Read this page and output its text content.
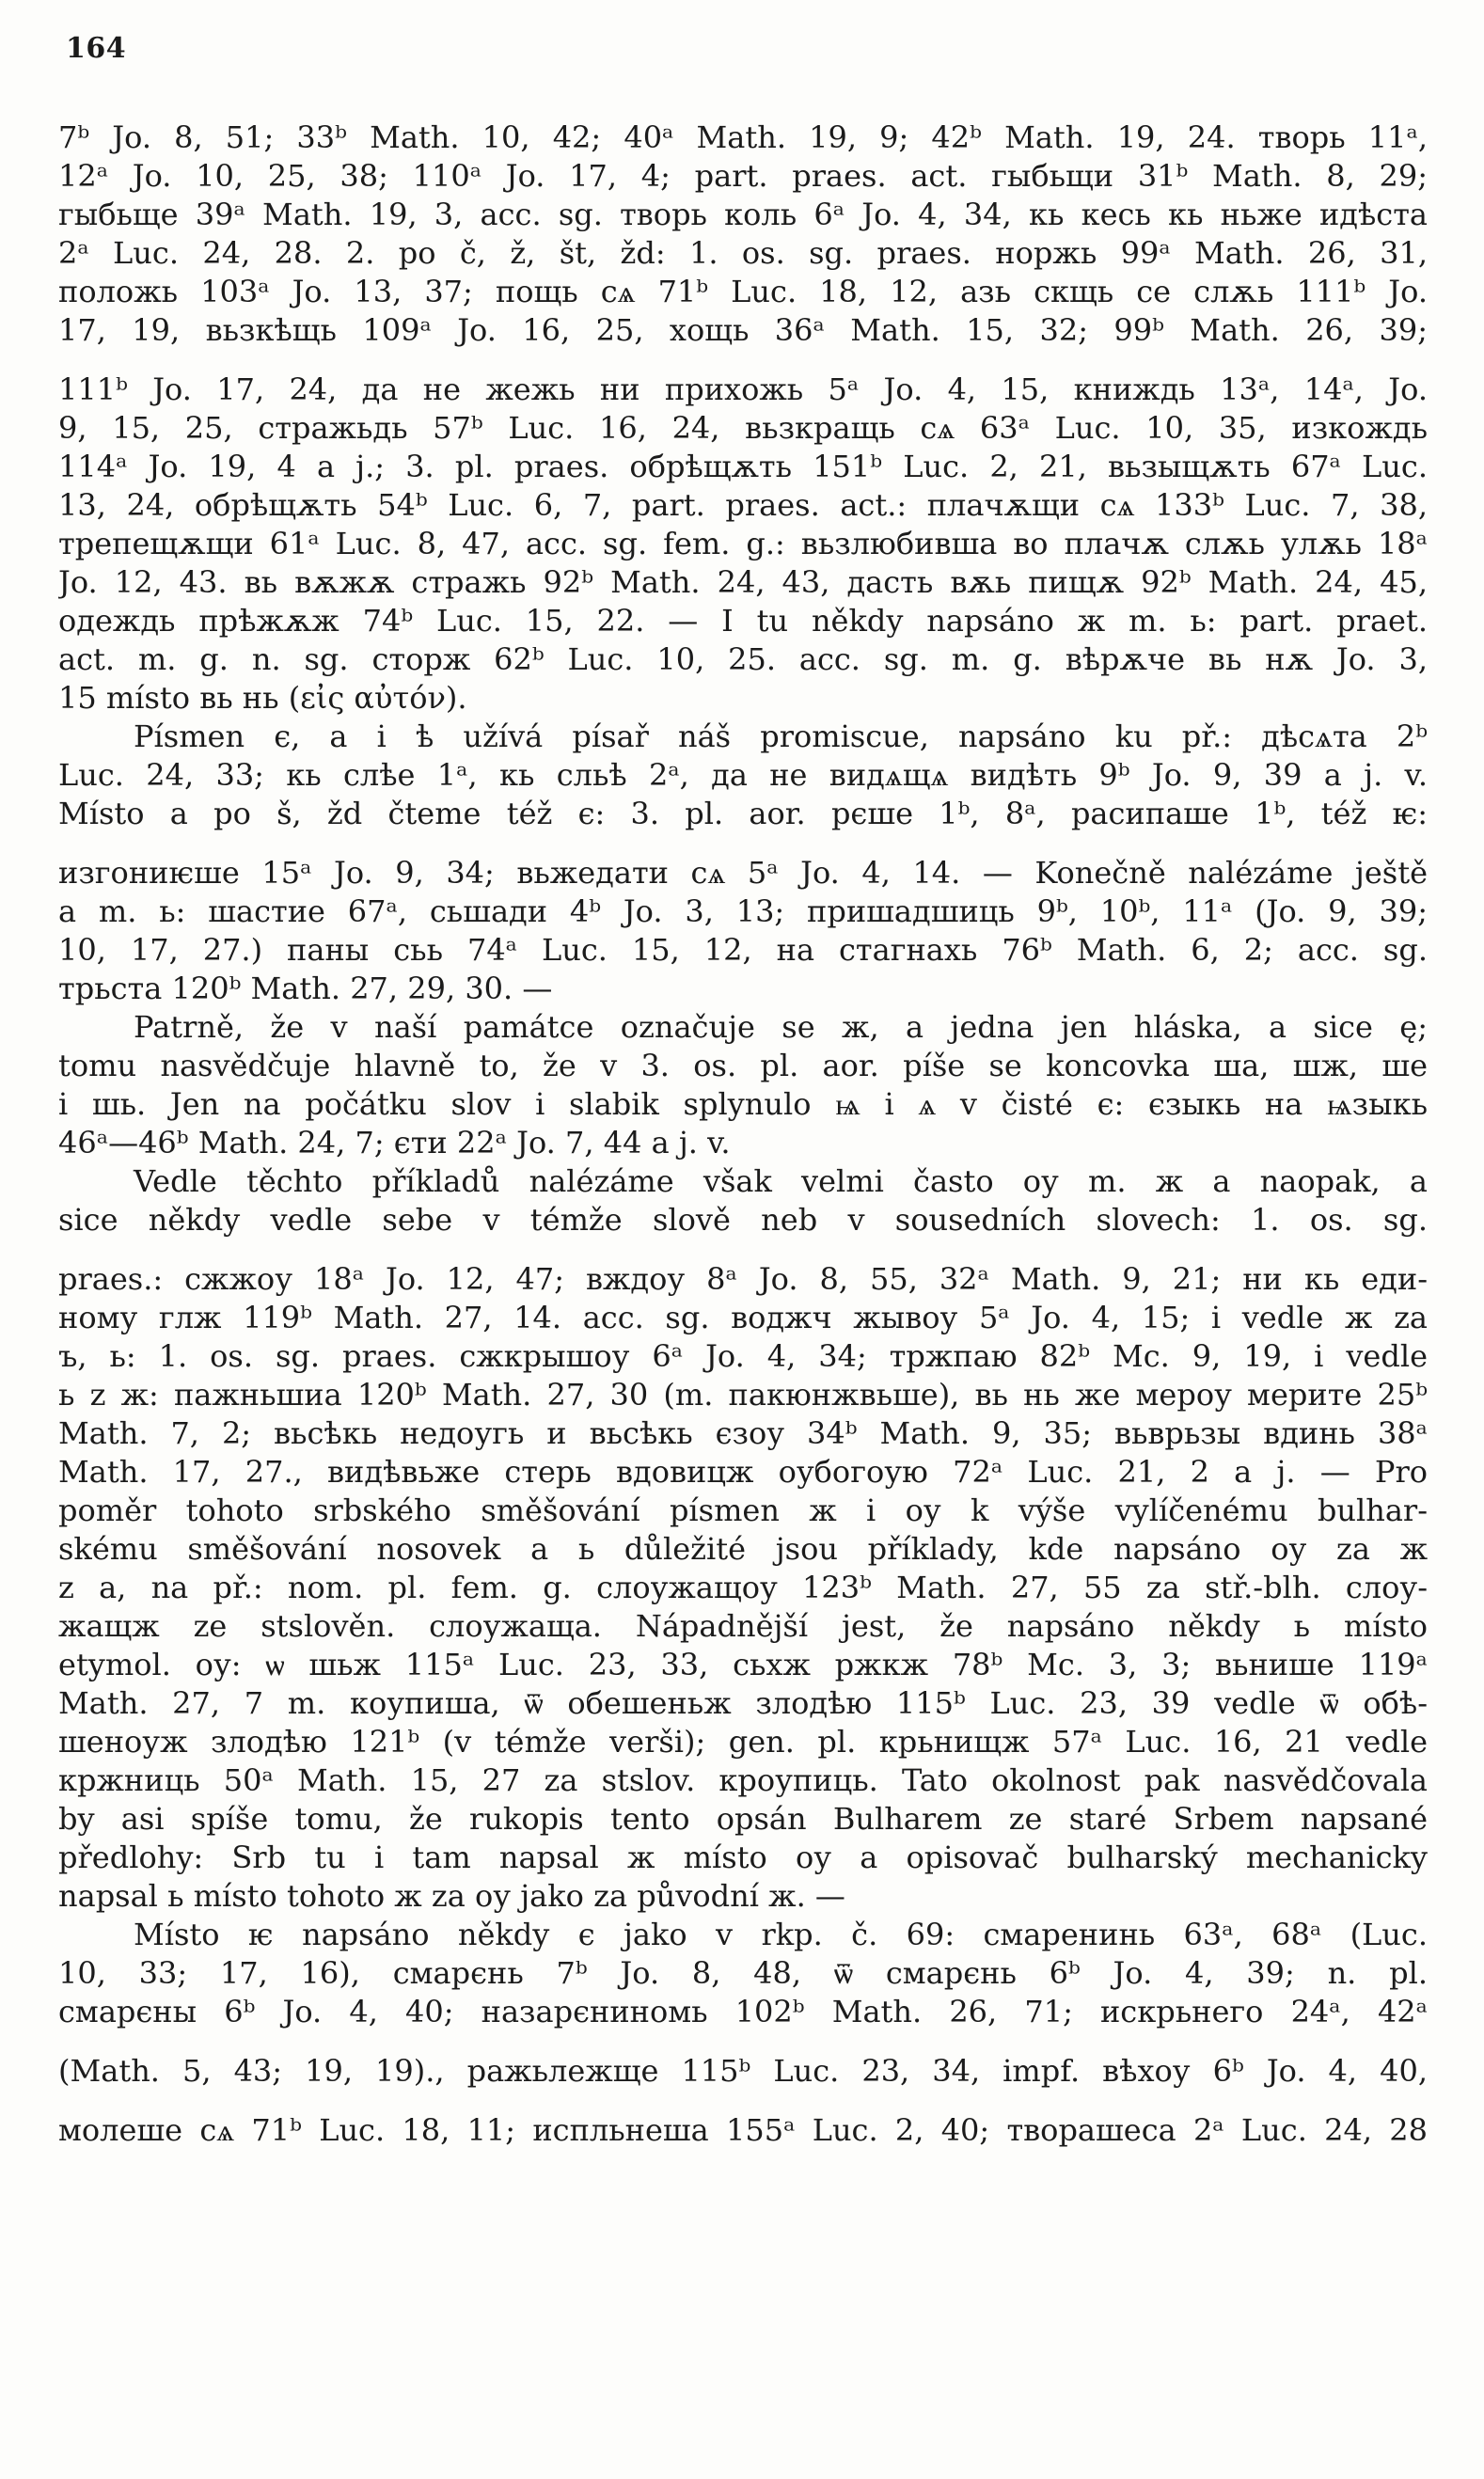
164
7ᵇ Jo. 8, 51; 33ᵇ Math. 10, 42; 40ᵃ Math. 19, 9; 42ᵇ Math. 19, 24. творь 11ᵃ,
12ᵃ Jo. 10, 25, 38; 110ᵃ Jo. 17, 4; part. praes. act. гыбьщи 31ᵇ Math. 8, 29;
гыбьще 39ᵃ Math. 19, 3, acc. sg. творь коль 6ᵃ Jo. 4, 34, кь кесь кь ньже идѣста
2ᵃ Luc. 24, 28. 2. po č, ž, št, žd: 1. os. sg. praes. норжь 99ᵃ Math. 26, 31,
положь 103ᵃ Jo. 13, 37; пощь сѧ 71ᵇ Luc. 18, 12, азь скщь се слѫь 111ᵇ Jo.
17, 19, вьзкѣщь 109ᵃ Jo. 16, 25, хощь 36ᵃ Math. 15, 32; 99ᵇ Math. 26, 39;
111ᵇ Jo. 17, 24, да не жежь ни прихожь 5ᵃ Jo. 4, 15, книждь 13ᵃ, 14ᵃ, Jo.
9, 15, 25, стражьдь 57ᵇ Luc. 16, 24, вьзкращь сѧ 63ᵃ Luc. 10, 35, изкождь
114ᵃ Jo. 19, 4 a j.; 3. pl. praes. обрѣщѫть 151ᵇ Luc. 2, 21, вьзыщѫть 67ᵃ Luc.
13, 24, обрѣщѫть 54ᵇ Luc. 6, 7, part. praes. act.: плачѫщи сѧ 133ᵇ Luc. 7, 38,
трепещѫщи 61ᵃ Luc. 8, 47, acc. sg. fem. g.: вьзлюбивша во плачѫ слѫь улѫь 18ᵃ
Jo. 12, 43. вь вѫжѫ стражь 92ᵇ Math. 24, 43, дасть вѫь пищѫ 92ᵇ Math. 24, 45,
одеждь прѣжѫж 74ᵇ Luc. 15, 22. — I tu někdy napsáno ж m. ь: part. praet.
act. m. g. n. sg. сторж 62ᵇ Luc. 10, 25. acc. sg. m. g. вѣрѫче вь нѫ Jo. 3,
15 místo вь нь (εἰς αὐτόν).
Písmen є, а i ѣ užívá písař náš promiscue, napsáno ku př.: дѣсѧта 2ᵇ
Luc. 24, 33; кь слѣе 1ᵃ, кь сльѣ 2ᵃ, да не видѧщѧ видѣть 9ᵇ Jo. 9, 39 a j. v.
Místo а po š, žd čteme též є: 3. pl. aor. рєше 1ᵇ, 8ᵃ, расипаше 1ᵇ, též ѥ:
изгониѥше 15ᵃ Jo. 9, 34; вьжедати сѧ 5ᵃ Jo. 4, 14. — Konečně nalézáme ještě
а m. ь: шастие 67ᵃ, сьшади 4ᵇ Jo. 3, 13; пришадшиць 9ᵇ, 10ᵇ, 11ᵃ (Jo. 9, 39;
10, 17, 27.) паны сьь 74ᵃ Luc. 15, 12, на стагнахь 76ᵇ Math. 6, 2; acc. sg.
трьста 120ᵇ Math. 27, 29, 30. —
Patrně, že v naší památce označuje se ж, а jedna jen hláska, a sice ę;
tomu nasvědčuje hlavně to, že v 3. os. pl. aor. píše se koncovka ша, шж, ше
i шь. Jen na počátku slov i slabik splynulo ѩ i ѧ v čisté є: єзыкь на ѩзыкь
46ᵃ—46ᵇ Math. 24, 7; єти 22ᵃ Jo. 7, 44 a j. v.
Vedle těchto příkladů nalézáme však velmi často оу m. ж a naopak, a
sice někdy vedle sebe v témže slově neb v sousedních slovech: 1. os. sg.
praes.: сжжоу 18ᵃ Jo. 12, 47; вждоу 8ᵃ Jo. 8, 55, 32ᵃ Math. 9, 21; ни кь еди-
ному глж 119ᵇ Math. 27, 14. acc. sg. воджч жывоу 5ᵃ Jo. 4, 15; i vedle ж za
ъ, ь: 1. os. sg. praes. сжкрышоу 6ᵃ Jo. 4, 34; тржпаю 82ᵇ Mc. 9, 19, i vedle
ь z ж: пажньшиа 120ᵇ Math. 27, 30 (m. пакюнжвьше), вь нь же мероу мерите 25ᵇ
Math. 7, 2; вьсѣкь недоугь и вьсѣкь єзоу 34ᵇ Math. 9, 35; вьврьзы вдинь 38ᵃ
Math. 17, 27., видѣвьже стерь вдовицж оубогоую 72ᵃ Luc. 21, 2 a j. — Pro
poměr tohoto srbského směšování písmen ж i оу k výše vylíčenému bulhar-
skému směšování nosovek a ь důležité jsou příklady, kde napsáno оу za ж
z а, na př.: nom. pl. fem. g. слоужащоу 123ᵇ Math. 27, 55 za stř.-blh. слоу-
жащж ze stslověn. слоужаща. Nápadnější jest, že napsáno někdy ь místo
etymol. оу: ѡ шьж 115ᵃ Luc. 23, 33, сьхж ржкж 78ᵇ Mc. 3, 3; вьнише 119ᵃ
Math. 27, 7 m. коупиша, ѿ обешеньж злодѣю 115ᵇ Luc. 23, 39 vedle ѿ обѣ-
шеноуж злодѣю 121ᵇ (v témže verši); gen. pl. крьнищж 57ᵃ Luc. 16, 21 vedle
кржниць 50ᵃ Math. 15, 27 za stslov. кроупиць. Tato okolnost pak nasvědčovala
by asi spíše tomu, že rukopis tento opsán Bulharem ze staré Srbem napsané
předlohy: Srb tu i tam napsal ж místo оу a opisovač bulharský mechanicky
napsal ь místo tohoto ж za оу jako za původní ж. —
Místo ѥ napsáno někdy є jako v rkp. č. 69: смаренинь 63ᵃ, 68ᵃ (Luc.
10, 33; 17, 16), смарєнь 7ᵇ Jo. 8, 48, ѿ смарєнь 6ᵇ Jo. 4, 39; n. pl.
смарєны 6ᵇ Jo. 4, 40; назарєниномь 102ᵇ Math. 26, 71; искрьнего 24ᵃ, 42ᵃ
(Math. 5, 43; 19, 19)., ражьлежще 115ᵇ Luc. 23, 34, impf. вѣхоу 6ᵇ Jo. 4, 40,
молеше сѧ 71ᵇ Luc. 18, 11; испльнеша 155ᵃ Luc. 2, 40; творашеса 2ᵃ Luc. 24, 28
